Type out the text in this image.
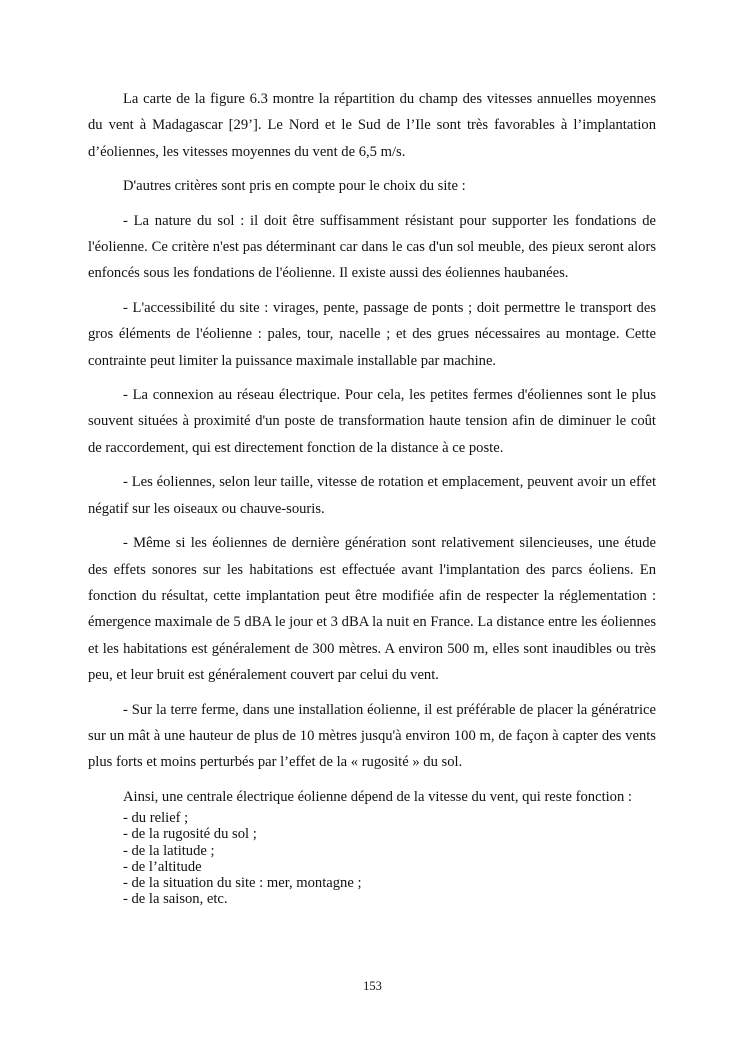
La carte de la figure 6.3 montre la répartition du champ des vitesses annuelles moyennes du vent à Madagascar [29’]. Le Nord et le Sud de l’Ile sont très favorables à l’implantation d’éoliennes, les vitesses moyennes du vent de 6,5 m/s.

D'autres critères sont pris en compte pour le choix du site :

- La nature du sol : il doit être suffisamment résistant pour supporter les fondations de l'éolienne. Ce critère n'est pas déterminant car dans le cas d'un sol meuble, des pieux seront alors enfoncés sous les fondations de l'éolienne. Il existe aussi des éoliennes haubanées.

- L'accessibilité du site : virages, pente, passage de ponts ; doit permettre le transport des gros éléments de l'éolienne : pales, tour, nacelle ; et des grues nécessaires au montage. Cette contrainte peut limiter la puissance maximale installable par machine.

- La connexion au réseau électrique. Pour cela, les petites fermes d'éoliennes sont le plus souvent situées à proximité d'un poste de transformation haute tension afin de diminuer le coût de raccordement, qui est directement fonction de la distance à ce poste.

- Les éoliennes, selon leur taille, vitesse de rotation et emplacement, peuvent avoir un effet négatif sur les oiseaux ou chauve-souris.

- Même si les éoliennes de dernière génération sont relativement silencieuses, une étude des effets sonores sur les habitations est effectuée avant l'implantation des parcs éoliens. En fonction du résultat, cette implantation peut être modifiée afin de respecter la réglementation : émergence maximale de 5 dBA le jour et 3 dBA la nuit en France. La distance entre les éoliennes et les habitations est généralement de 300 mètres. A environ 500 m, elles sont inaudibles ou très peu, et leur bruit est généralement couvert par celui du vent.

- Sur la terre ferme, dans une installation éolienne, il est préférable de placer la génératrice sur un mât à une hauteur de plus de 10 mètres jusqu'à environ 100 m, de façon à capter des vents plus forts et moins perturbés par l’effet de la « rugosité » du sol.

Ainsi, une centrale électrique éolienne dépend de la vitesse du vent, qui reste fonction :

- du relief ;
- de la rugosité du sol ;
- de la latitude ;
- de l’altitude
- de la situation du site : mer, montagne ;
- de la saison, etc.
153
